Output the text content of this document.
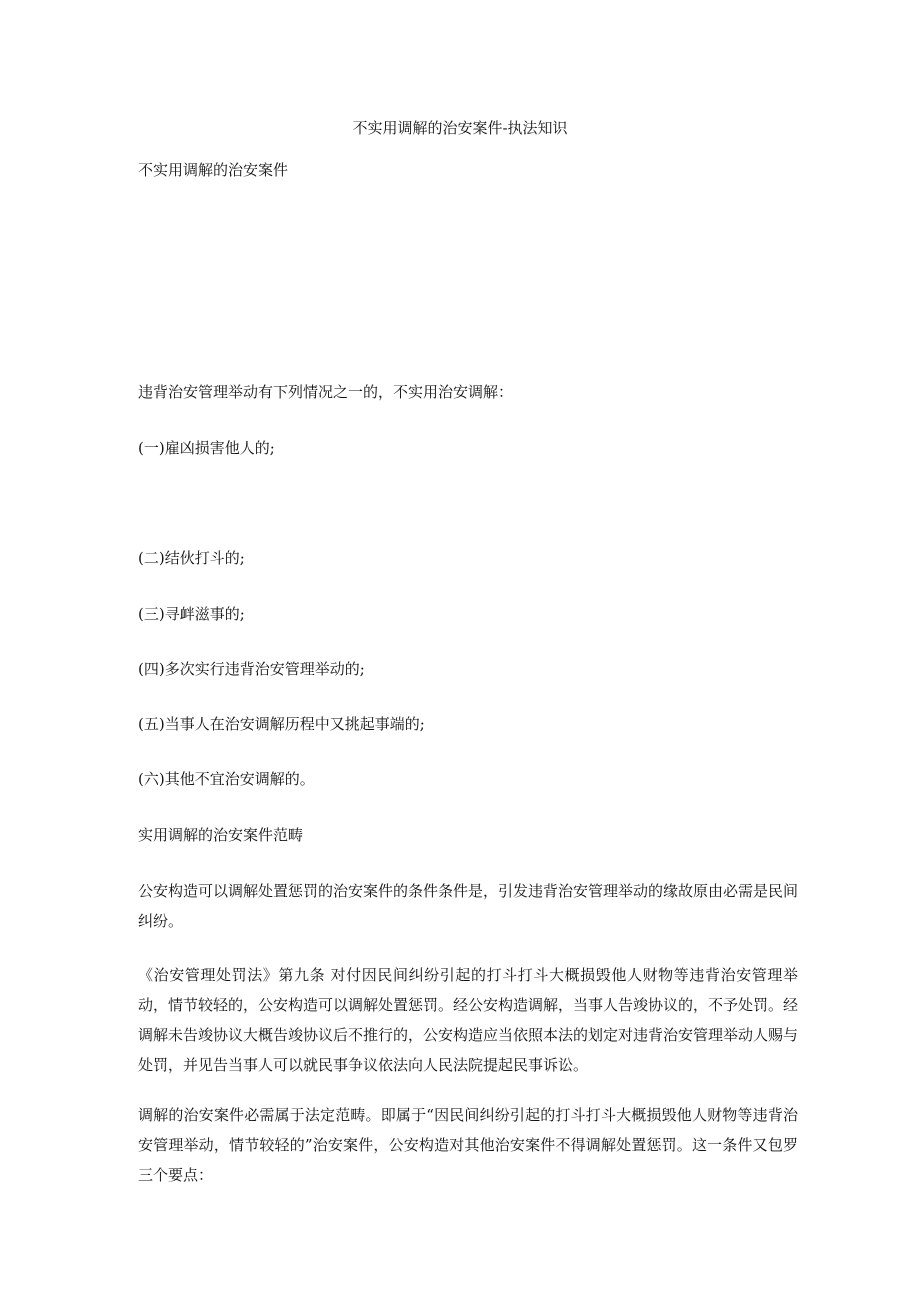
不实用调解的治安案件-执法知识
不实用调解的治安案件
违背治安管理举动有下列情况之一的，不实用治安调解：
(一)雇凶损害他人的;
(二)结伙打斗的;
(三)寻衅滋事的;
(四)多次实行违背治安管理举动的;
(五)当事人在治安调解历程中又挑起事端的;
(六)其他不宜治安调解的。
实用调解的治安案件范畴
公安构造可以调解处置惩罚的治安案件的条件条件是，引发违背治安管理举动的缘故原由必需是民间纠纷。
《治安管理处罚法》第九条 对付因民间纠纷引起的打斗打斗大概损毁他人财物等违背治安管理举动，情节较轻的，公安构造可以调解处置惩罚。经公安构造调解，当事人告竣协议的，不予处罚。经调解未告竣协议大概告竣协议后不推行的，公安构造应当依照本法的划定对违背治安管理举动人赐与处罚，并见告当事人可以就民事争议依法向人民法院提起民事诉讼。
调解的治安案件必需属于法定范畴。即属于“因民间纠纷引起的打斗打斗大概损毁他人财物等违背治安管理举动，情节较轻的”治安案件，公安构造对其他治安案件不得调解处置惩罚。这一条件又包罗三个要点：
